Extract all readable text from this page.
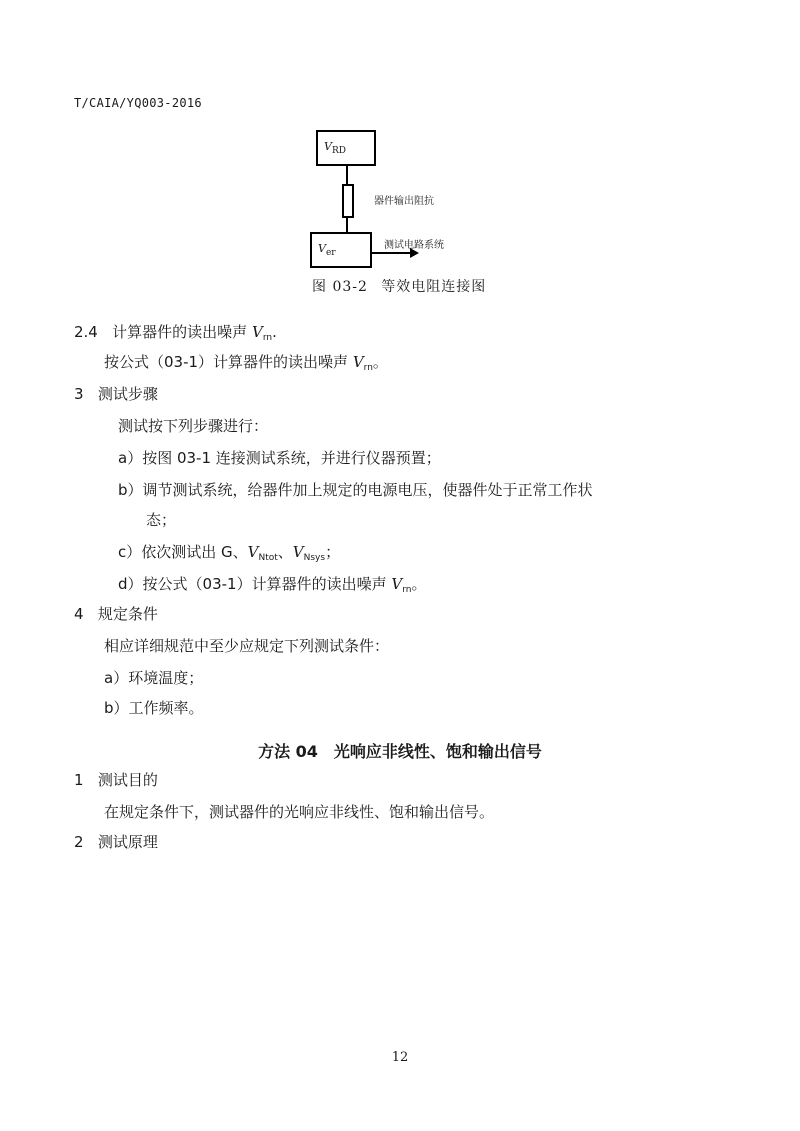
T/CAIA/YQ003-2016
$V_{RD}$
器件输出阻抗
$V_{er}$
测试电路系统
图 03-2 等效电阻连接图
2.4 计算器件的读出噪声 $V_{rn}$.
按公式（03-1）计算器件的读出噪声 $V_{rn}$。
3 测试步骤
测试按下列步骤进行：
a）按图 03-1 连接测试系统，并进行仪器预置；
b）调节测试系统，给器件加上规定的电源电压，使器件处于正常工作状
态；
c）依次测试出 G、$V_{Ntot}$、$V_{Nsys}$；
d）按公式（03-1）计算器件的读出噪声 $V_{rn}$。
4 规定条件
相应详细规范中至少应规定下列测试条件：
a）环境温度；
b）工作频率。
方法 04　光响应非线性、饱和输出信号
1 测试目的
在规定条件下，测试器件的光响应非线性、饱和输出信号。
2 测试原理
12
